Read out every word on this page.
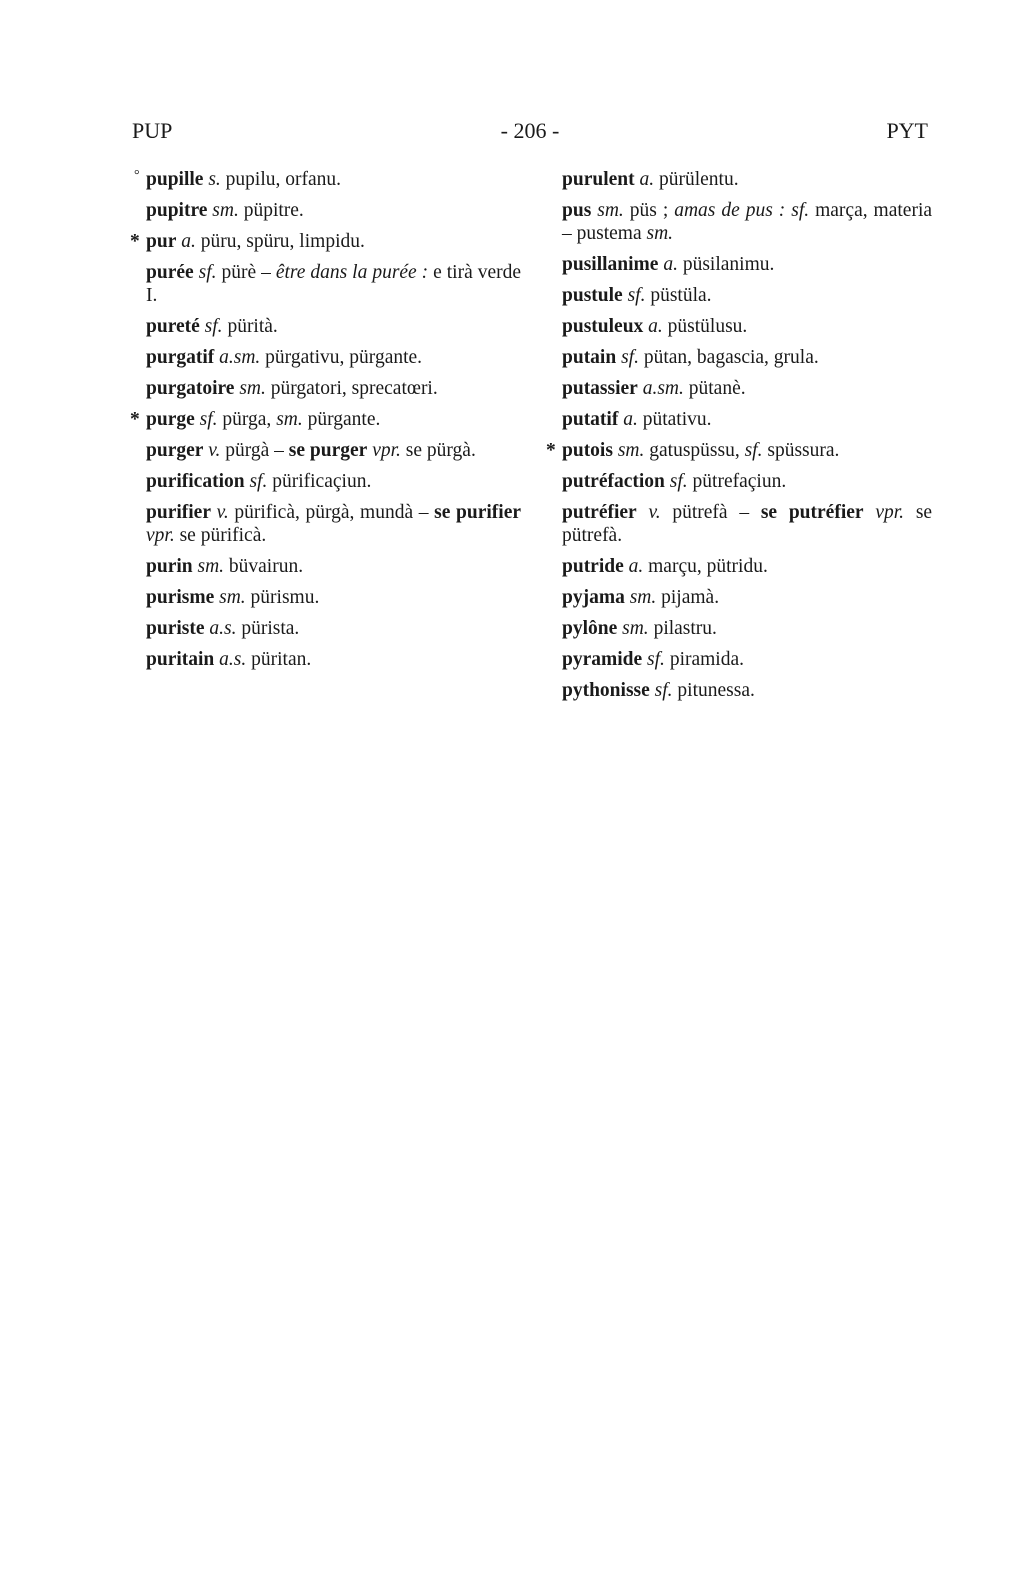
PUP	- 206 -	PYT
° pupille s. pupilu, orfanu.
pupitre sm. püpitre.
* pur a. püru, spüru, limpidu.
purée sf. pürè – être dans la purée : e tirà verde I.
pureté sf. pürità.
purgatif a.sm. pürgativu, pürgante.
purgatoire sm. pürgatori, sprecatœri.
* purge sf. pürga, sm. pürgante.
purger v. pürgà – se purger vpr. se pürgà.
purification sf. pürificaçiun.
purifier v. pürificà, pürgà, mundà – se purifier vpr. se pürificà.
purin sm. büvairun.
purisme sm. pürismu.
puriste a.s. pürista.
puritain a.s. püritan.
purulent a. pürülentu.
pus sm. püs ; amas de pus : sf. marça, materia – pustema sm.
pusillanime a. püsilanimu.
pustule sf. püstüla.
pustuleux a. püstülusu.
putain sf. pütan, bagascia, grula.
putassier a.sm. pütanè.
putatif a. pütativu.
* putois sm. gatuspüssu, sf. spüssura.
putréfaction sf. pütrefaçiun.
putréfier v. pütrefà – se putréfier vpr. se pütrefà.
putride a. marçu, pütridu.
pyjama sm. pijamà.
pylône sm. pilastru.
pyramide sf. piramida.
pythonisse sf. pitunessa.
